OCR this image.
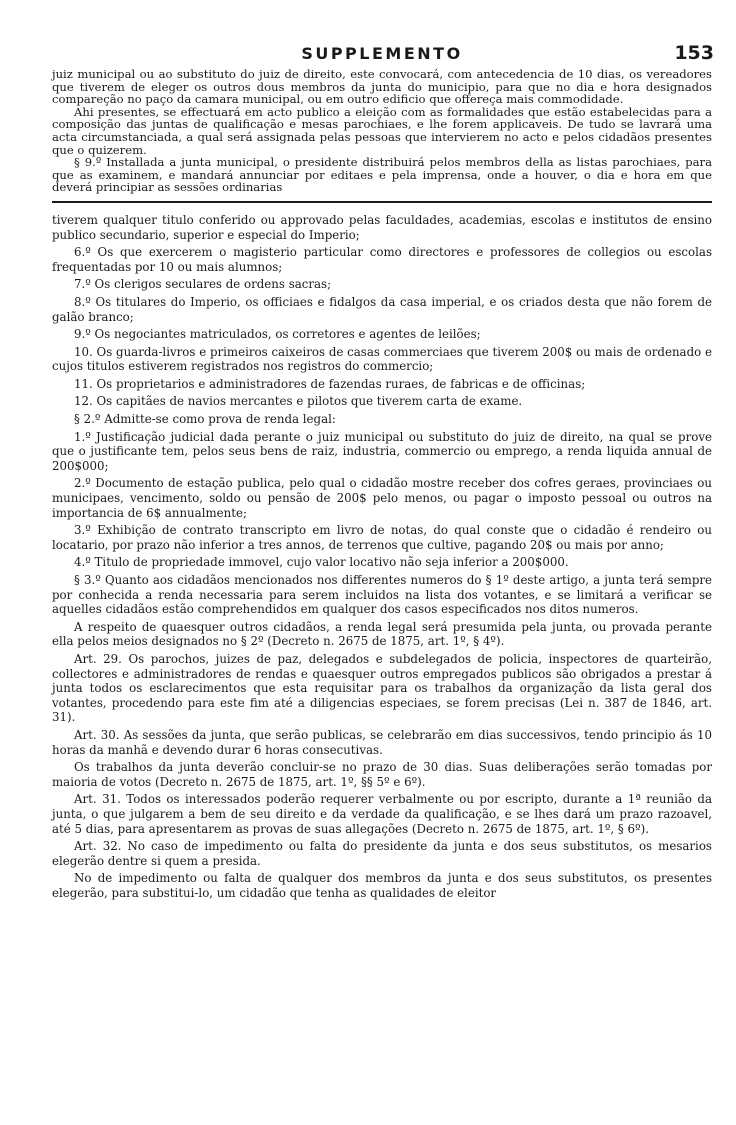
SUPPLEMENTO	153

juiz municipal ou ao substituto do juiz de direito, este convocará, com antecedencia de 10 dias, os vereadores que tiverem de eleger os outros dous membros da junta do municipio, para que no dia e hora designados compareção no paço da camara municipal, ou em outro edificio que offereça mais commodidade.

Ahi presentes, se effectuará em acto publico a eleição com as formalidades que estão estabelecidas para a composição das juntas de qualificação e mesas parochiaes, e lhe forem applicaveis. De tudo se lavrará uma acta circumstanciada, a qual será assignada pelas pessoas que intervierem no acto e pelos cidadãos presentes que o quizerem.

§ 9.º Installada a junta municipal, o presidente distribuirá pelos membros della as listas parochiaes, para que as examinem, e mandará annunciar por editaes e pela imprensa, onde a houver, o dia e hora em que deverá principiar as sessões ordinarias

tiverem qualquer titulo conferido ou approvado pelas faculdades, academias, escolas e institutos de ensino publico secundario, superior e especial do Imperio;

6.º Os que exercerem o magisterio particular como directores e professores de collegios ou escolas frequentadas por 10 ou mais alumnos;

7.º Os clerigos seculares de ordens sacras;

8.º Os titulares do Imperio, os officiaes e fidalgos da casa imperial, e os criados desta que não forem de galão branco;

9.º Os negociantes matriculados, os corretores e agentes de leilões;

10. Os guarda-livros e primeiros caixeiros de casas commerciaes que tiverem 200$ ou mais de ordenado e cujos titulos estiverem registrados nos registros do commercio;

11. Os proprietarios e administradores de fazendas ruraes, de fabricas e de officinas;

12. Os capitães de navios mercantes e pilotos que tiverem carta de exame.

§ 2.º Admitte-se como prova de renda legal:

1.º Justificação judicial dada perante o juiz municipal ou substituto do juiz de direito, na qual se prove que o justificante tem, pelos seus bens de raiz, industria, commercio ou emprego, a renda liquida annual de 200$000;

2.º Documento de estação publica, pelo qual o cidadão mostre receber dos cofres geraes, provinciaes ou municipaes, vencimento, soldo ou pensão de 200$ pelo menos, ou pagar o imposto pessoal ou outros na importancia de 6$ annualmente;

3.º Exhibição de contrato transcripto em livro de notas, do qual conste que o cidadão é rendeiro ou locatario, por prazo não inferior a tres annos, de terrenos que cultive, pagando 20$ ou mais por anno;

4.º Titulo de propriedade immovel, cujo valor locativo não seja inferior a 200$000.

§ 3.º Quanto aos cidadãos mencionados nos differentes numeros do § 1º deste artigo, a junta terá sempre por conhecida a renda necessaria para serem incluidos na lista dos votantes, e se limitará a verificar se aquelles cidadãos estão comprehendidos em qualquer dos casos especificados nos ditos numeros.

A respeito de quaesquer outros cidadãos, a renda legal será presumida pela junta, ou provada perante ella pelos meios designados no § 2º (Decreto n. 2675 de 1875, art. 1º, § 4º).

Art. 29. Os parochos, juizes de paz, delegados e subdelegados de policia, inspectores de quarteirão, collectores e administradores de rendas e quaesquer outros empregados publicos são obrigados a prestar á junta todos os esclarecimentos que esta requisitar para os trabalhos da organização da lista geral dos votantes, procedendo para este fim até a diligencias especiaes, se forem precisas (Lei n. 387 de 1846, art. 31).

Art. 30. As sessões da junta, que serão publicas, se celebrarão em dias successivos, tendo principio ás 10 horas da manhã e devendo durar 6 horas consecutivas.

Os trabalhos da junta deverão concluir-se no prazo de 30 dias. Suas deliberações serão tomadas por maioria de votos (Decreto n. 2675 de 1875, art. 1º, §§ 5º e 6º).

Art. 31. Todos os interessados poderão requerer verbalmente ou por escripto, durante a 1ª reunião da junta, o que julgarem a bem de seu direito e da verdade da qualificação, e se lhes dará um prazo razoavel, até 5 dias, para apresentarem as provas de suas allegações (Decreto n. 2675 de 1875, art. 1º, § 6º).

Art. 32. No caso de impedimento ou falta do presidente da junta e dos seus substitutos, os mesarios elegerão dentre si quem a presida.

No de impedimento ou falta de qualquer dos membros da junta e dos seus substitutos, os presentes elegerão, para substitui-lo, um cidadão que tenha as qualidades de eleitor
